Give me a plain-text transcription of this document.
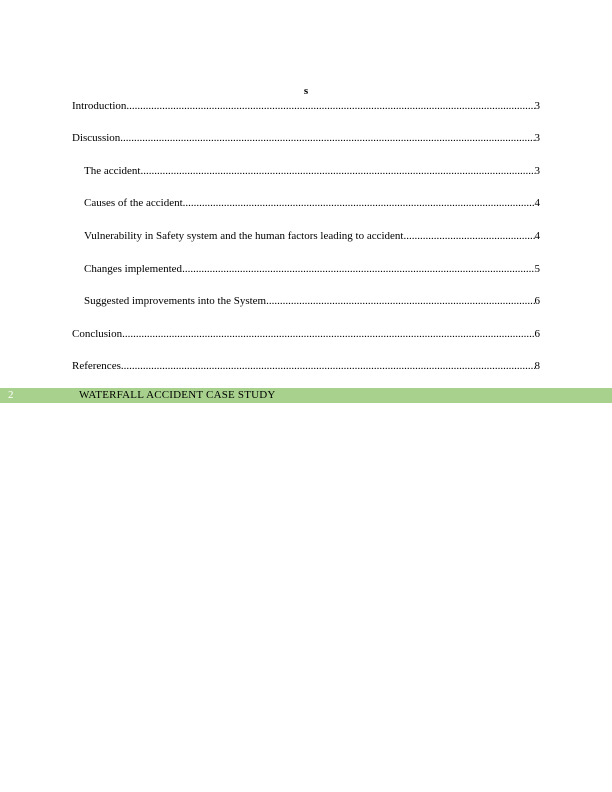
s
Introduction .....	3
Discussion .....	3
The accident .....	3
Causes of the accident .....	4
Vulnerability in Safety system and the human factors leading to accident .....	4
Changes implemented .....	5
Suggested improvements into the System .....	6
Conclusion .....	6
References .....	8
2	WATERFALL ACCIDENT CASE STUDY
